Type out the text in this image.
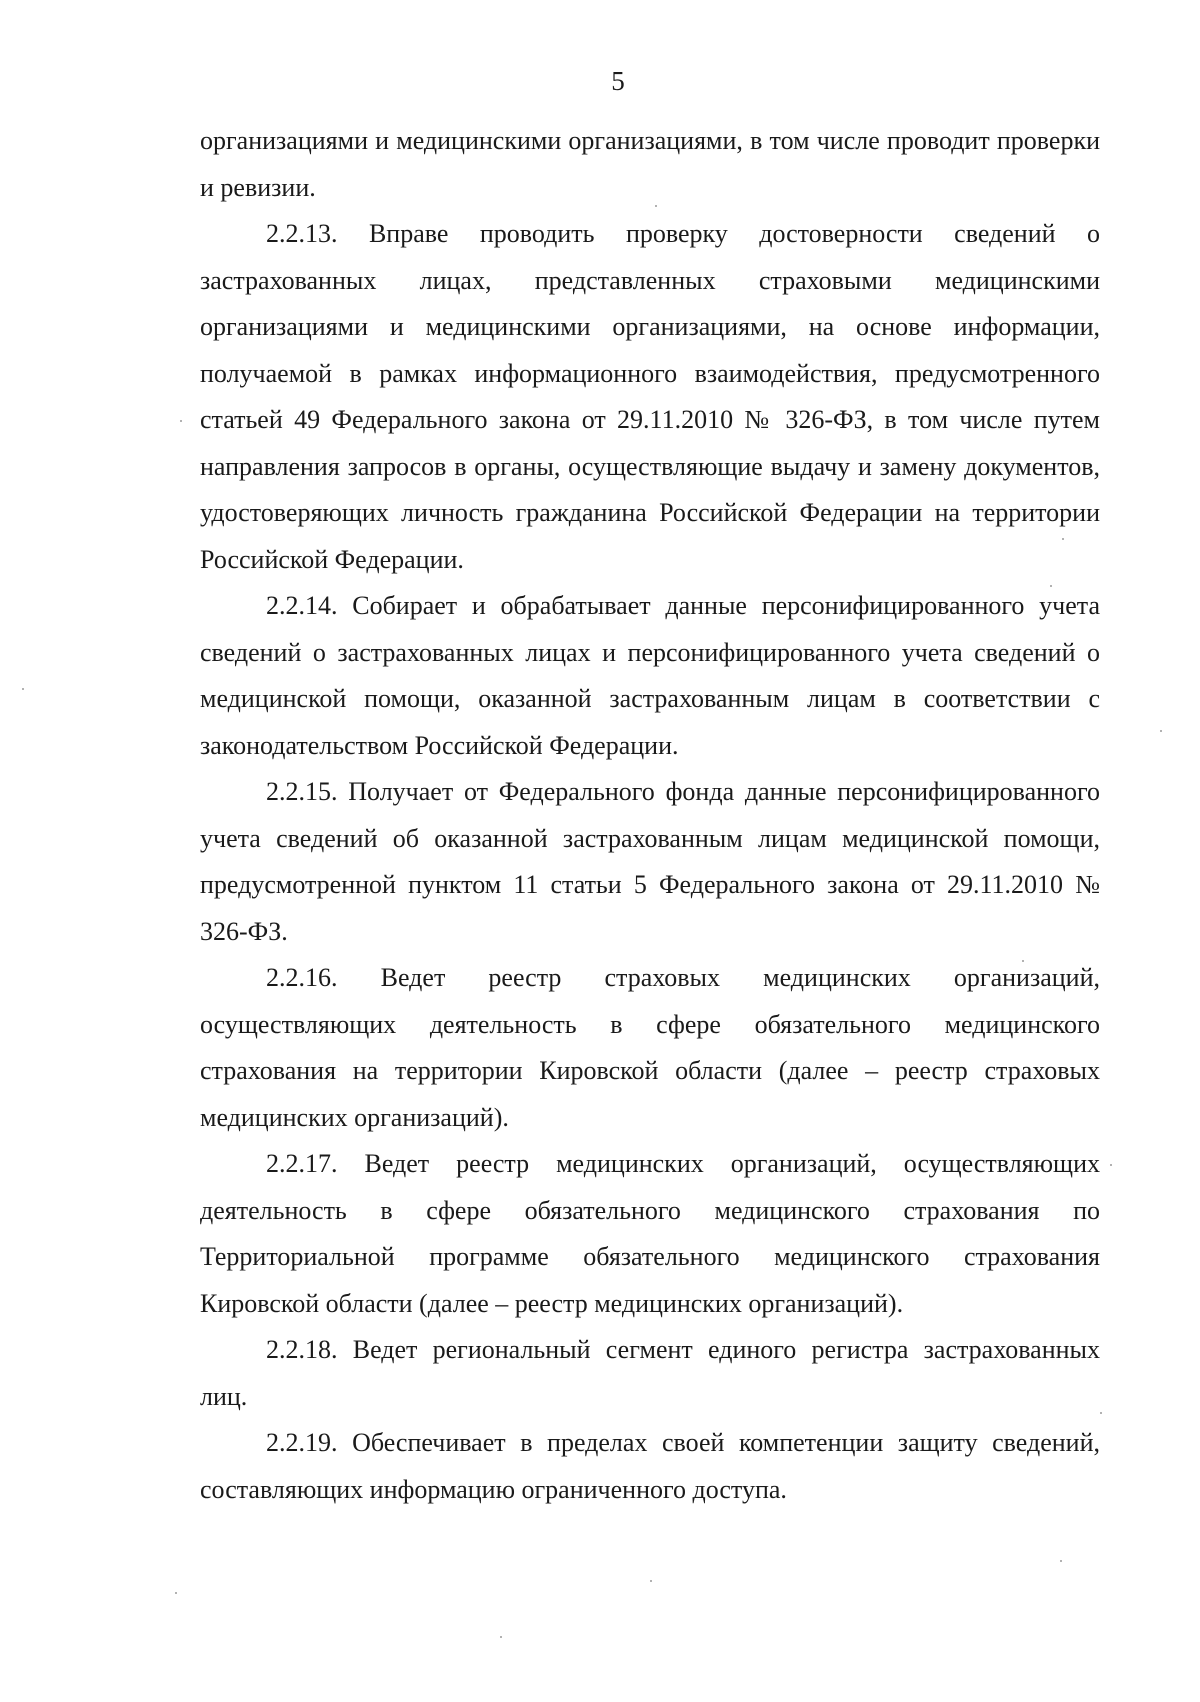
5

организациями и медицинскими организациями, в том числе проводит проверки и ревизии.

2.2.13. Вправе проводить проверку достоверности сведений о застрахованных лицах, представленных страховыми медицинскими организациями и медицинскими организациями, на основе информации, получаемой в рамках информационного взаимодействия, предусмотренного статьей 49 Федерального закона от 29.11.2010 № 326-ФЗ, в том числе путем направления запросов в органы, осуществляющие выдачу и замену документов, удостоверяющих личность гражданина Российской Федерации на территории Российской Федерации.

2.2.14. Собирает и обрабатывает данные персонифицированного учета сведений о застрахованных лицах и персонифицированного учета сведений о медицинской помощи, оказанной застрахованным лицам в соответствии с законодательством Российской Федерации.

2.2.15. Получает от Федерального фонда данные персонифицированного учета сведений об оказанной застрахованным лицам медицинской помощи, предусмотренной пунктом 11 статьи 5 Федерального закона от 29.11.2010 № 326-ФЗ.

2.2.16. Ведет реестр страховых медицинских организаций, осуществляющих деятельность в сфере обязательного медицинского страхования на территории Кировской области (далее – реестр страховых медицинских организаций).

2.2.17. Ведет реестр медицинских организаций, осуществляющих деятельность в сфере обязательного медицинского страхования по Территориальной программе обязательного медицинского страхования Кировской области (далее – реестр медицинских организаций).

2.2.18. Ведет региональный сегмент единого регистра застрахованных лиц.

2.2.19. Обеспечивает в пределах своей компетенции защиту сведений, составляющих информацию ограниченного доступа.
